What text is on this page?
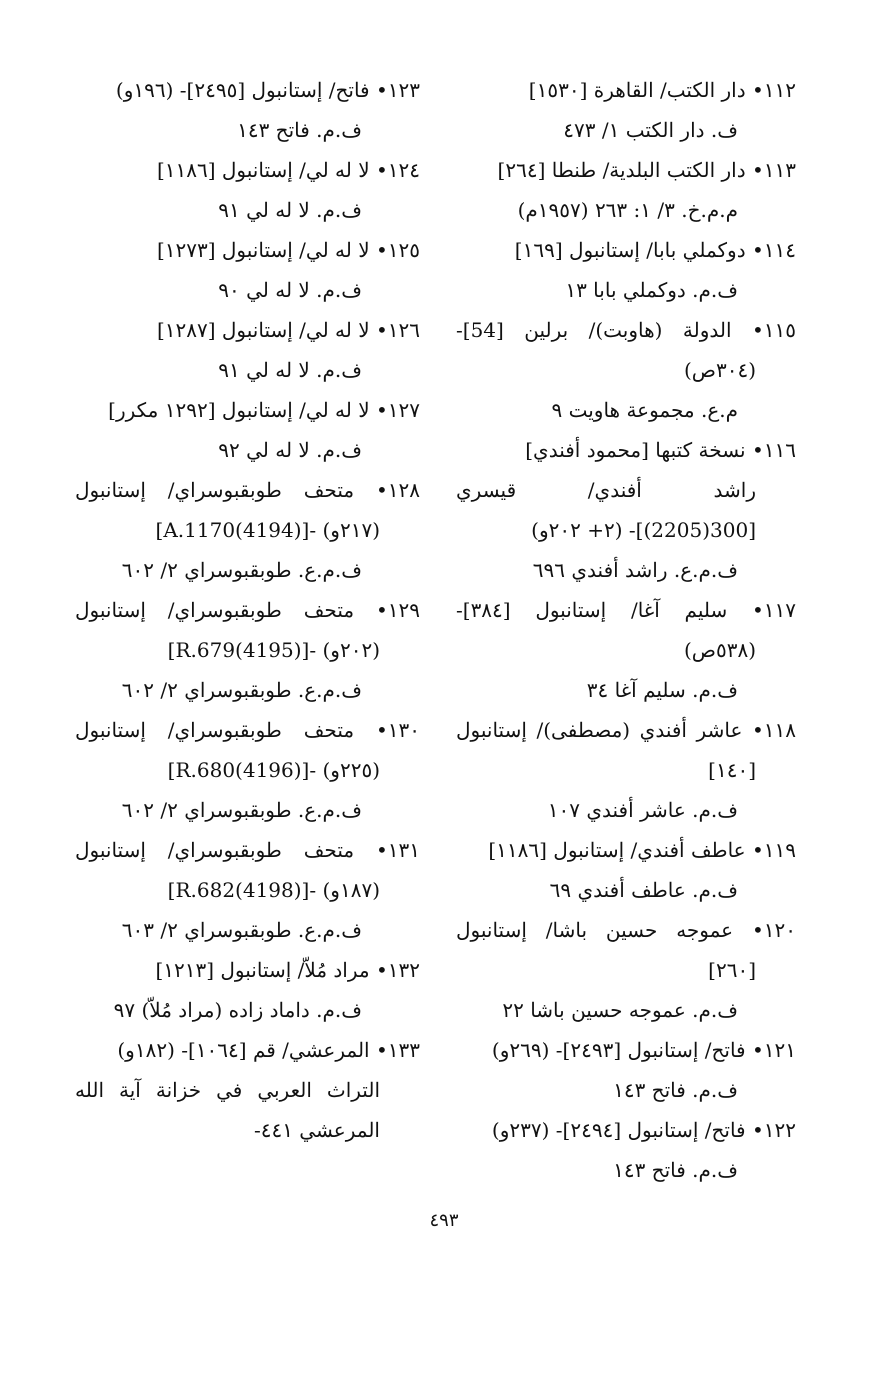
١١٢• دار الكتب/ القاهرة [١٥٣٠]
ف. دار الكتب ١/ ٤٧٣
١١٣• دار الكتب البلدية/ طنطا [٢٦٤]
م.م.خ. ٣/ ١: ٢٦٣ (١٩٥٧م)
١١٤• دوكملي بابا/ إستانبول [١٦٩]
ف.م. دوكملي بابا ١٣
١١٥• الدولة (هاوبت)/ برلين [54]-
(٣٠٤ص)
م.ع. مجموعة هاويت ٩
١١٦• نسخة كتبها [محمود أفندي]
راشد أفندي/ قيسري
[300(2205)]- (٢+ ٢٠٢و)
ف.م.ع. راشد أفندي ٦٩٦
١١٧• سليم آغا/ إستانبول [٣٨٤]-
(٥٣٨ص)
ف.م. سليم آغا ٣٤
١١٨• عاشر أفندي (مصطفى)/ إستانبول
[١٤٠]
ف.م. عاشر أفندي ١٠٧
١١٩• عاطف أفندي/ إستانبول [١١٨٦]
ف.م. عاطف أفندي ٦٩
١٢٠• عموجه حسين باشا/ إستانبول
[٢٦٠]
ف.م. عموجه حسين باشا ٢٢
١٢١• فاتح/ إستانبول [٢٤٩٣]- (٢٦٩و)
ف.م. فاتح ١٤٣
١٢٢• فاتح/ إستانبول [٢٤٩٤]- (٢٣٧و)
ف.م. فاتح ١٤٣
١٢٣• فاتح/ إستانبول [٢٤٩٥]- (١٩٦و)
ف.م. فاتح ١٤٣
١٢٤• لا له لي/ إستانبول [١١٨٦]
ف.م. لا له لي ٩١
١٢٥• لا له لي/ إستانبول [١٢٧٣]
ف.م. لا له لي ٩٠
١٢٦• لا له لي/ إستانبول [١٢٨٧]
ف.م. لا له لي ٩١
١٢٧• لا له لي/ إستانبول [١٢٩٢ مكرر]
ف.م. لا له لي ٩٢
١٢٨• متحف طوبقبوسراي/ إستانبول
[A.1170(4194)]- (٢١٧و)
ف.م.ع. طوبقبوسراي ٢/ ٦٠٢
١٢٩• متحف طوبقبوسراي/ إستانبول
[R.679(4195)]- (٢٠٢و)
ف.م.ع. طوبقبوسراي ٢/ ٦٠٢
١٣٠• متحف طوبقبوسراي/ إستانبول
[R.680(4196)]- (٢٢٥و)
ف.م.ع. طوبقبوسراي ٢/ ٦٠٢
١٣١• متحف طوبقبوسراي/ إستانبول
[R.682(4198)]- (١٨٧و)
ف.م.ع. طوبقبوسراي ٢/ ٦٠٣
١٣٢• مراد مُلاّ/ إستانبول [١٢١٣]
ف.م. داماد زاده (مراد مُلاّ) ٩٧
١٣٣• المرعشي/ قم [١٠٦٤]- (١٨٢و)
التراث العربي في خزانة آية الله
المرعشي ٤٤١-
٤٩٣
